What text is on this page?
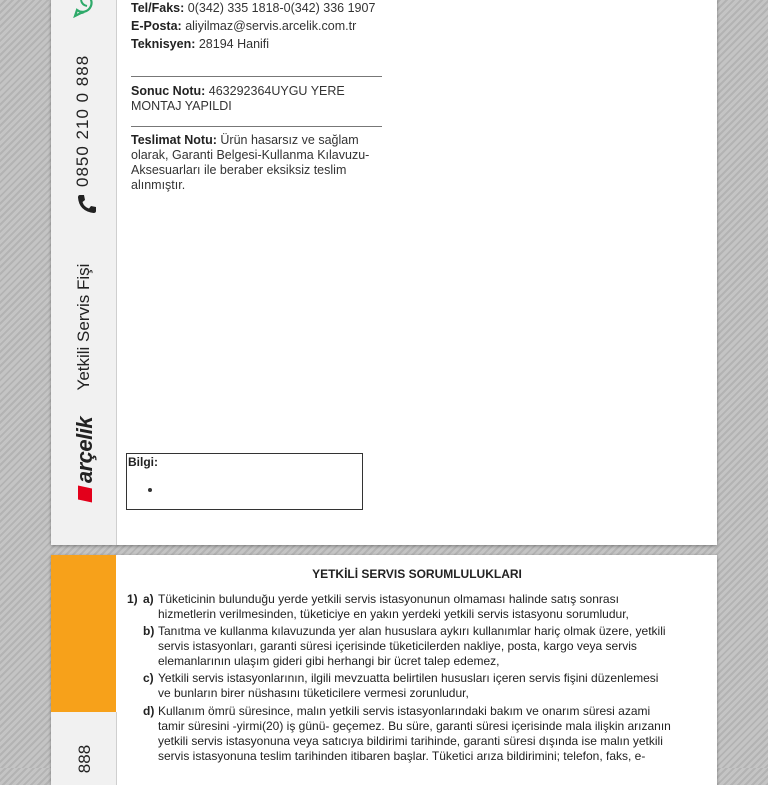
0850 210 0 888
Yetkili Servis Fişi
arçelik
Tel/Faks: 0(342) 335 1818-0(342) 336 1907
E-Posta: aliyilmaz@servis.arcelik.com.tr
Teknisyen: 28194 Hanifi
Sonuc Notu: 463292364UYGU YERE MONTAJ YAPILDI
Teslimat Notu: Ürün hasarsız ve sağlam olarak, Garanti Belgesi-Kullanma Kılavuzu-Aksesuarları ile beraber eksiksiz teslim alınmıştır.
Bilgi:
888
YETKİLİ SERVIS SORUMLULUKLARI
1) a) Tüketicinin bulunduğu yerde yetkili servis istasyonunun olmaması halinde satış sonrası
hizmetlerin verilmesinden, tüketiciye en yakın yerdeki yetkili servis istasyonu sorumludur,
b) Tanıtma ve kullanma kılavuzunda yer alan hususlara aykırı kullanımlar hariç olmak üzere, yetkili
servis istasyonları, garanti süresi içerisinde tüketicilerden nakliye, posta, kargo veya servis
elemanlarının ulaşım gideri gibi herhangi bir ücret talep edemez,
c) Yetkili servis istasyonlarının, ilgili mevzuatta belirtilen hususları içeren servis fişini düzenlemesi
ve bunların birer nüshasını tüketicilere vermesi zorunludur,
d) Kullanım ömrü süresince, malın yetkili servis istasyonlarındaki bakım ve onarım süresi azami
tamir süresini -yirmi(20) iş günü- geçemez. Bu süre, garanti süresi içerisinde mala ilişkin arızanın
yetkili servis istasyonuna veya satıcıya bildirimi tarihinde, garanti süresi dışında ise malın yetkili
servis istasyonuna teslim tarihinden itibaren başlar. Tüketici arıza bildirimini; telefon, faks, e-
